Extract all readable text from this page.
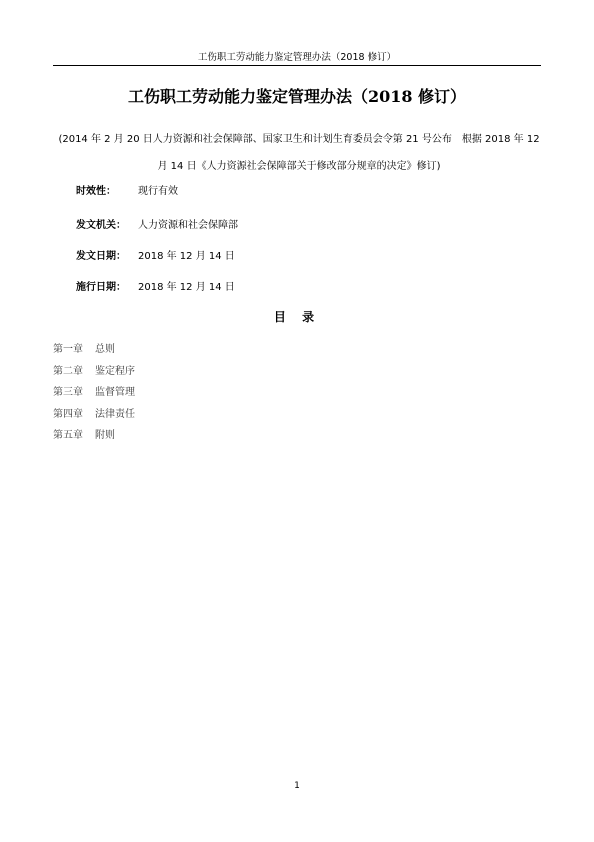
工伤职工劳动能力鉴定管理办法（2018 修订）
工伤职工劳动能力鉴定管理办法（2018 修订）
(2014 年 2 月 20 日人力资源和社会保障部、国家卫生和计划生育委员会令第 21 号公布　根据 2018 年 12 月 14 日《人力资源社会保障部关于修改部分规章的决定》修订)
时效性： 现行有效
发文机关： 人力资源和社会保障部
发文日期： 2018 年 12 月 14 日
施行日期： 2018 年 12 月 14 日
目 录
第一章 总则
第二章 鉴定程序
第三章 监督管理
第四章 法律责任
第五章 附则
1
